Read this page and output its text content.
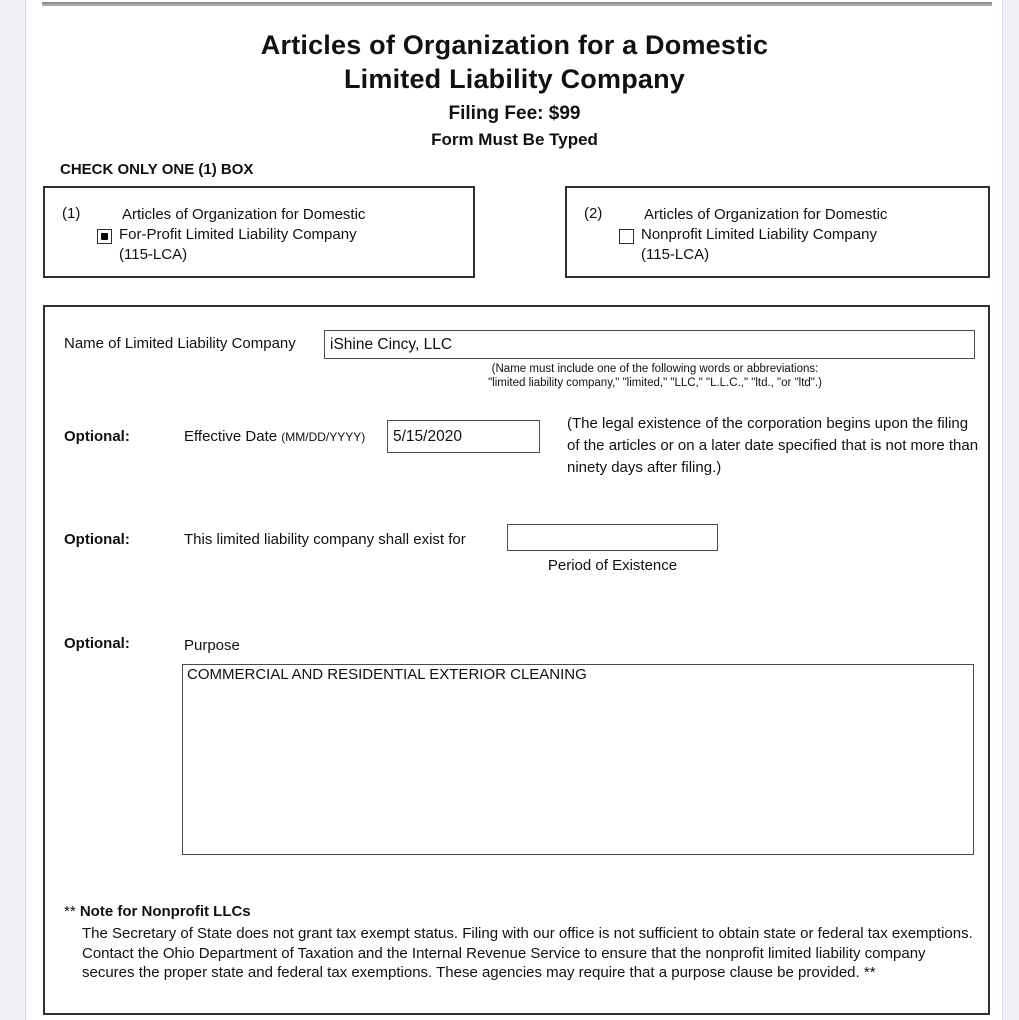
Articles of Organization for a Domestic
Limited Liability Company
Filing Fee: $99
Form Must Be Typed
CHECK ONLY ONE (1) BOX
(1)	Articles of Organization for Domestic
For-Profit Limited Liability Company
(115-LCA)
(2)	Articles of Organization for Domestic
Nonprofit Limited Liability Company
(115-LCA)
Name of Limited Liability Company
iShine Cincy, LLC
(Name must include one of the following words or abbreviations:
"limited liability company," "limited," "LLC," "L.L.C.," "ltd., "or "ltd".)
Optional:	Effective Date (MM/DD/YYYY)
5/15/2020
(The legal existence of the corporation begins upon the filing of the articles or on a later date specified that is not more than ninety days after filing.)
Optional:	This limited liability company shall exist for
Period of Existence
Optional:	Purpose
COMMERCIAL AND RESIDENTIAL EXTERIOR CLEANING
** Note for Nonprofit LLCs
The Secretary of State does not grant tax exempt status. Filing with our office is not sufficient to obtain state or federal tax exemptions. Contact the Ohio Department of Taxation and the Internal Revenue Service to ensure that the nonprofit limited liability company secures the proper state and federal tax exemptions. These agencies may require that a purpose clause be provided. **
